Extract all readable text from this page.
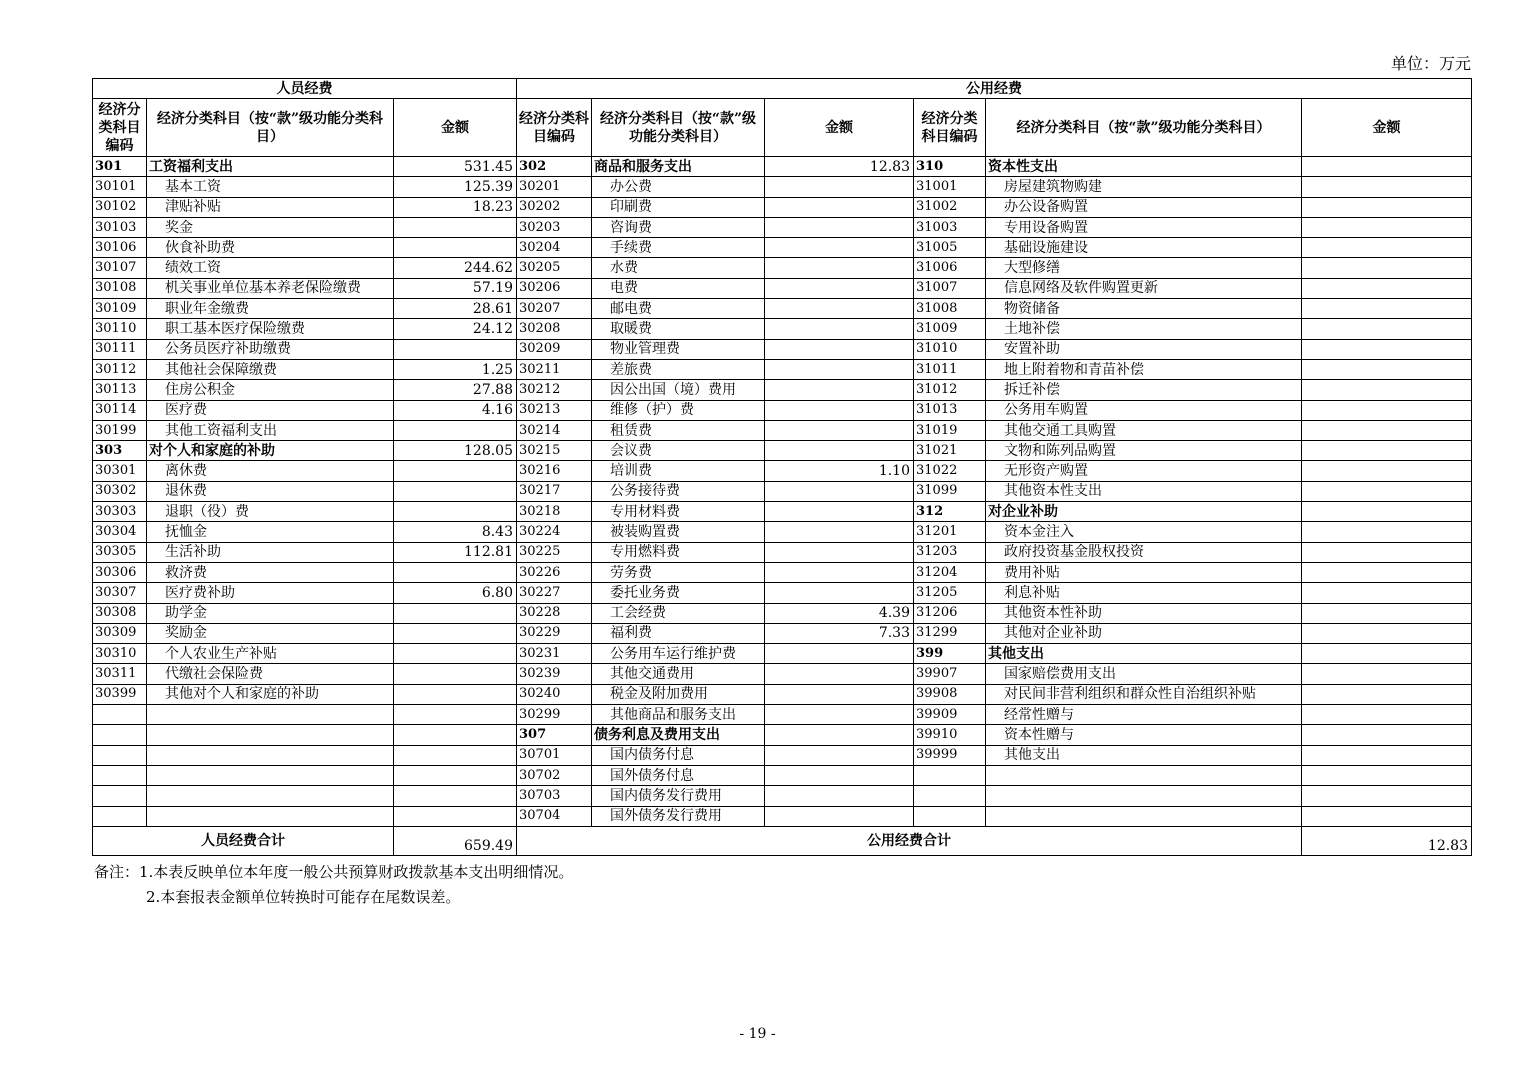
单位：万元
人员经费			公用经费					
经济分类科目编码	经济分类科目（按“款”级功能分类科目）	金额	经济分类科目编码	经济分类科目（按“款”级功能分类科目）	金额	经济分类科目编码	经济分类科目（按“款”级功能分类科目）	金额
301	工资福利支出	531.45	302	商品和服务支出	12.83	310	资本性支出	
30101	基本工资	125.39	30201	办公费		31001	房屋建筑物购建	
30102	津贴补贴	18.23	30202	印刷费		31002	办公设备购置	
30103	奖金		30203	咨询费		31003	专用设备购置	
30106	伙食补助费		30204	手续费		31005	基础设施建设	
30107	绩效工资	244.62	30205	水费		31006	大型修缮	
30108	机关事业单位基本养老保险缴费	57.19	30206	电费		31007	信息网络及软件购置更新	
30109	职业年金缴费	28.61	30207	邮电费		31008	物资储备	
30110	职工基本医疗保险缴费	24.12	30208	取暖费		31009	土地补偿	
30111	公务员医疗补助缴费		30209	物业管理费		31010	安置补助	
30112	其他社会保障缴费	1.25	30211	差旅费		31011	地上附着物和青苗补偿	
30113	住房公积金	27.88	30212	因公出国（境）费用		31012	拆迁补偿	
30114	医疗费	4.16	30213	维修（护）费		31013	公务用车购置	
30199	其他工资福利支出		30214	租赁费		31019	其他交通工具购置	
303	对个人和家庭的补助	128.05	30215	会议费		31021	文物和陈列品购置	
30301	离休费		30216	培训费	1.10	31022	无形资产购置	
30302	退休费		30217	公务接待费		31099	其他资本性支出	
30303	退职（役）费		30218	专用材料费		312	对企业补助	
30304	抚恤金	8.43	30224	被装购置费		31201	资本金注入	
30305	生活补助	112.81	30225	专用燃料费		31203	政府投资基金股权投资	
30306	救济费		30226	劳务费		31204	费用补贴	
30307	医疗费补助	6.80	30227	委托业务费		31205	利息补贴	
30308	助学金		30228	工会经费	4.39	31206	其他资本性补助	
30309	奖励金		30229	福利费	7.33	31299	其他对企业补助	
30310	个人农业生产补贴		30231	公务用车运行维护费		399	其他支出	
30311	代缴社会保险费		30239	其他交通费用		39907	国家赔偿费用支出	
30399	其他对个人和家庭的补助		30240	税金及附加费用		39908	对民间非营利组织和群众性自治组织补贴	
			30299	其他商品和服务支出		39909	经常性赠与	
			307	债务利息及费用支出		39910	资本性赠与	
			30701	国内债务付息		39999	其他支出	
			30702	国外债务付息				
			30703	国内债务发行费用				
			30704	国外债务发行费用				
人员经费合计		659.49	公用经费合计					12.83
备注：1.本表反映单位本年度一般公共预算财政拨款基本支出明细情况。
2.本套报表金额单位转换时可能存在尾数误差。
- 19 -
